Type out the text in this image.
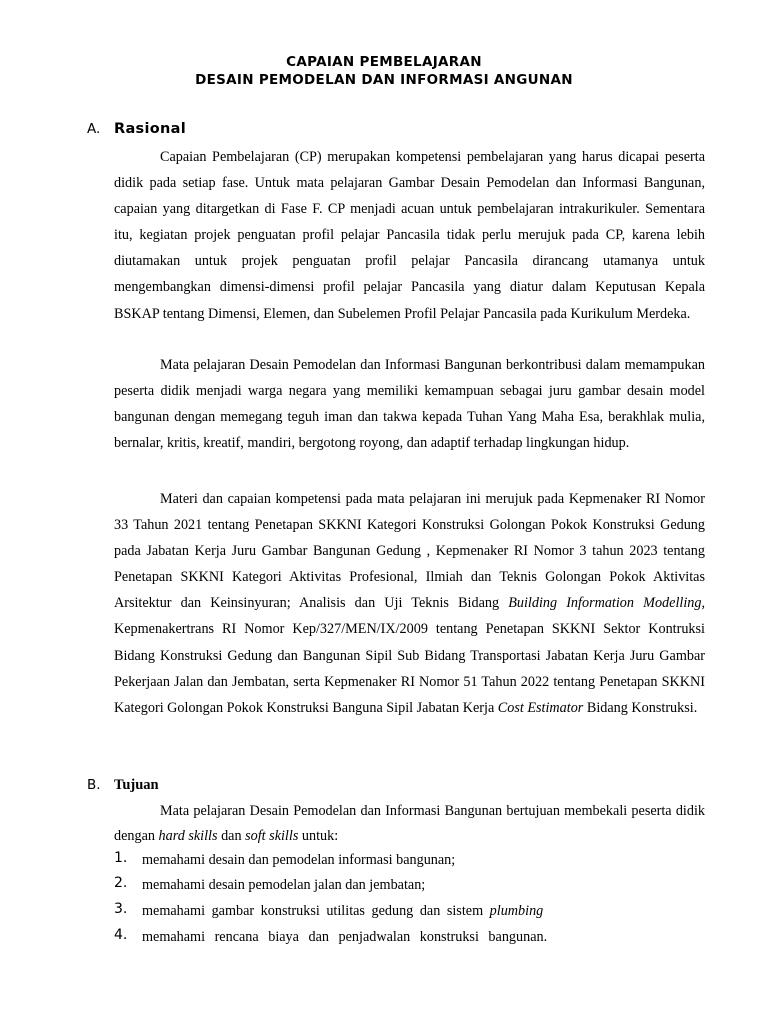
CAPAIAN PEMBELAJARAN
DESAIN PEMODELAN DAN INFORMASI ANGUNAN
A. Rasional

Capaian Pembelajaran (CP) merupakan kompetensi pembelajaran yang harus dicapai peserta didik pada setiap fase. Untuk mata pelajaran Gambar Desain Pemodelan dan Informasi Bangunan, capaian yang ditargetkan di Fase F. CP menjadi acuan untuk pembelajaran intrakurikuler. Sementara itu, kegiatan projek penguatan profil pelajar Pancasila tidak perlu merujuk pada CP, karena lebih diutamakan untuk projek penguatan profil pelajar Pancasila dirancang utamanya untuk mengembangkan dimensi-dimensi profil pelajar Pancasila yang diatur dalam Keputusan Kepala BSKAP tentang Dimensi, Elemen, dan Subelemen Profil Pelajar Pancasila pada Kurikulum Merdeka.

Mata pelajaran Desain Pemodelan dan Informasi Bangunan berkontribusi dalam memampukan peserta didik menjadi warga negara yang memiliki kemampuan sebagai juru gambar desain model bangunan dengan memegang teguh iman dan takwa kepada Tuhan Yang Maha Esa, berakhlak mulia, bernalar, kritis, kreatif, mandiri, bergotong royong, dan adaptif terhadap lingkungan hidup.

Materi dan capaian kompetensi pada mata pelajaran ini merujuk pada Kepmenaker RI Nomor 33 Tahun 2021 tentang Penetapan SKKNI Kategori Konstruksi Golongan Pokok Konstruksi Gedung pada Jabatan Kerja Juru Gambar Bangunan Gedung , Kepmenaker RI Nomor 3 tahun 2023 tentang Penetapan SKKNI Kategori Aktivitas Profesional, Ilmiah dan Teknis Golongan Pokok Aktivitas Arsitektur dan Keinsinyuran; Analisis dan Uji Teknis Bidang Building Information Modelling, Kepmenakertrans RI Nomor Kep/327/MEN/IX/2009 tentang Penetapan SKKNI Sektor Kontruksi Bidang Konstruksi Gedung dan Bangunan Sipil Sub Bidang Transportasi Jabatan Kerja Juru Gambar Pekerjaan Jalan dan Jembatan, serta Kepmenaker RI Nomor 51 Tahun 2022 tentang Penetapan SKKNI Kategori Golongan Pokok Konstruksi Banguna Sipil Jabatan Kerja Cost Estimator Bidang Konstruksi.

B. Tujuan

Mata pelajaran Desain Pemodelan dan Informasi Bangunan bertujuan membekali peserta didik dengan hard skills dan soft skills untuk:

1. memahami desain dan pemodelan informasi bangunan;
2. memahami desain pemodelan jalan dan jembatan;
3. memahami gambar konstruksi utilitas gedung dan sistem plumbing
4. memahami rencana biaya dan penjadwalan konstruksi bangunan.
